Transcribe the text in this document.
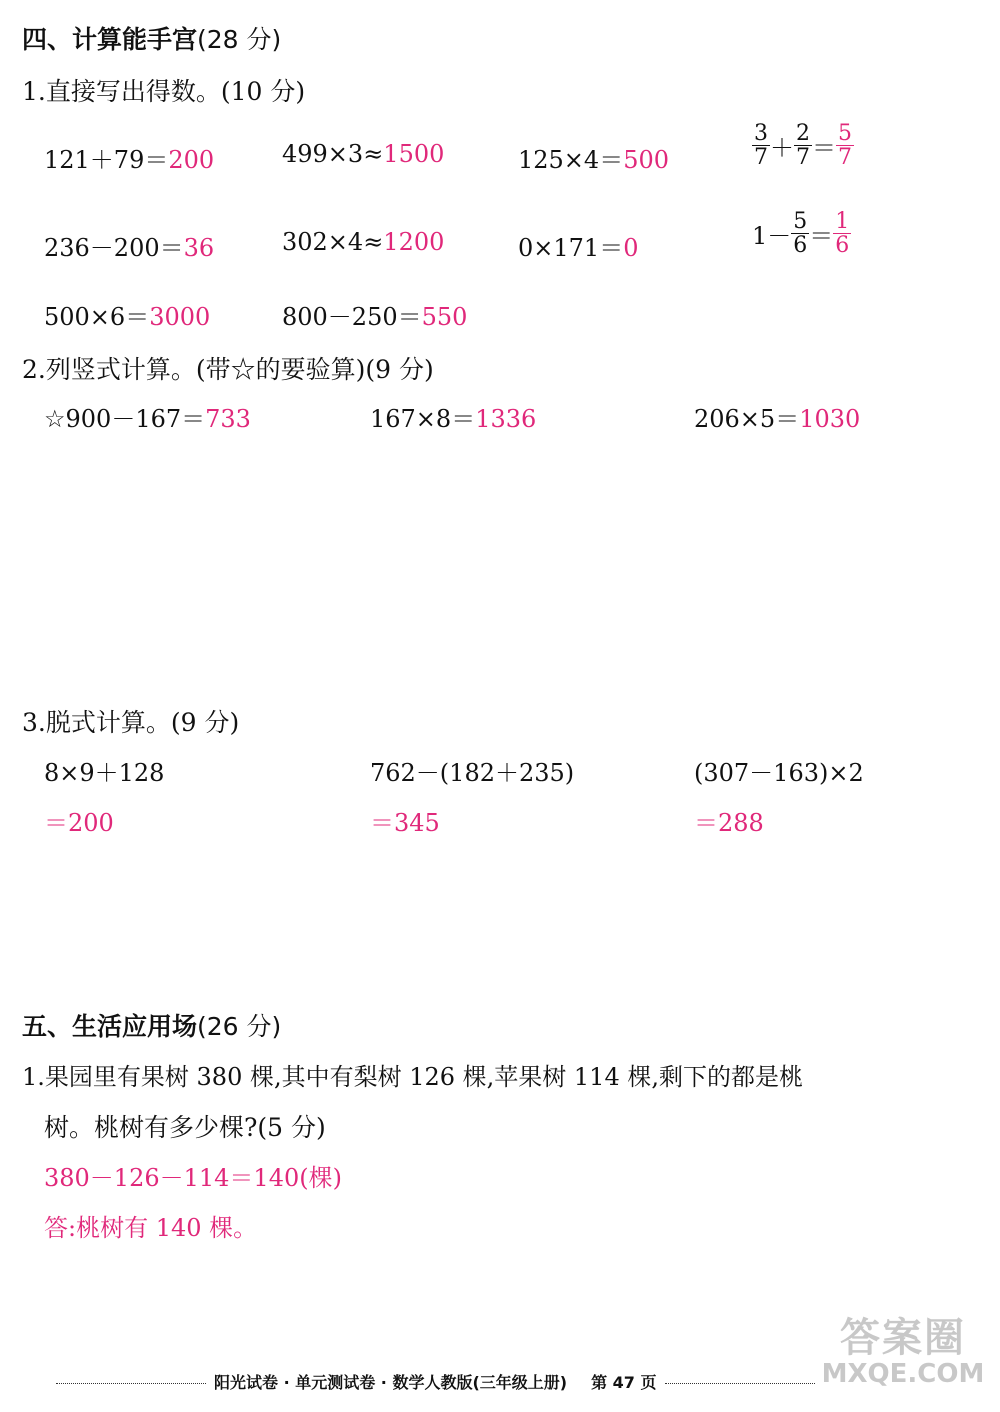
四、计算能手宫(28 分)
1.直接写出得数。(10 分)
121＋79＝200	499×3≈1500	125×4＝500	$\frac{3}{7} + \frac{2}{7} = \frac{5}{7}$
236－200＝36	302×4≈1200	0×171＝0	$1- \frac{5}{6} = \frac{1}{6}$
500×6＝3000	800－250＝550
2.列竖式计算。(带☆的要验算)(9 分)
☆900－167＝733	167×8＝1336	206×5＝1030
3.脱式计算。(9 分)
8×9＋128
＝200
762－(182＋235)
＝345
(307－163)×2
＝288
五、生活应用场(26 分)
1.果园里有果树 380 棵,其中有梨树 126 棵,苹果树 114 棵,剩下的都是桃
树。桃树有多少棵?(5 分)
380－126－114＝140(棵)
答:桃树有 140 棵。
阳光试卷 · 单元测试卷 · 数学人教版(三年级上册) 第 47 页
答案圈
MXQE.COM
